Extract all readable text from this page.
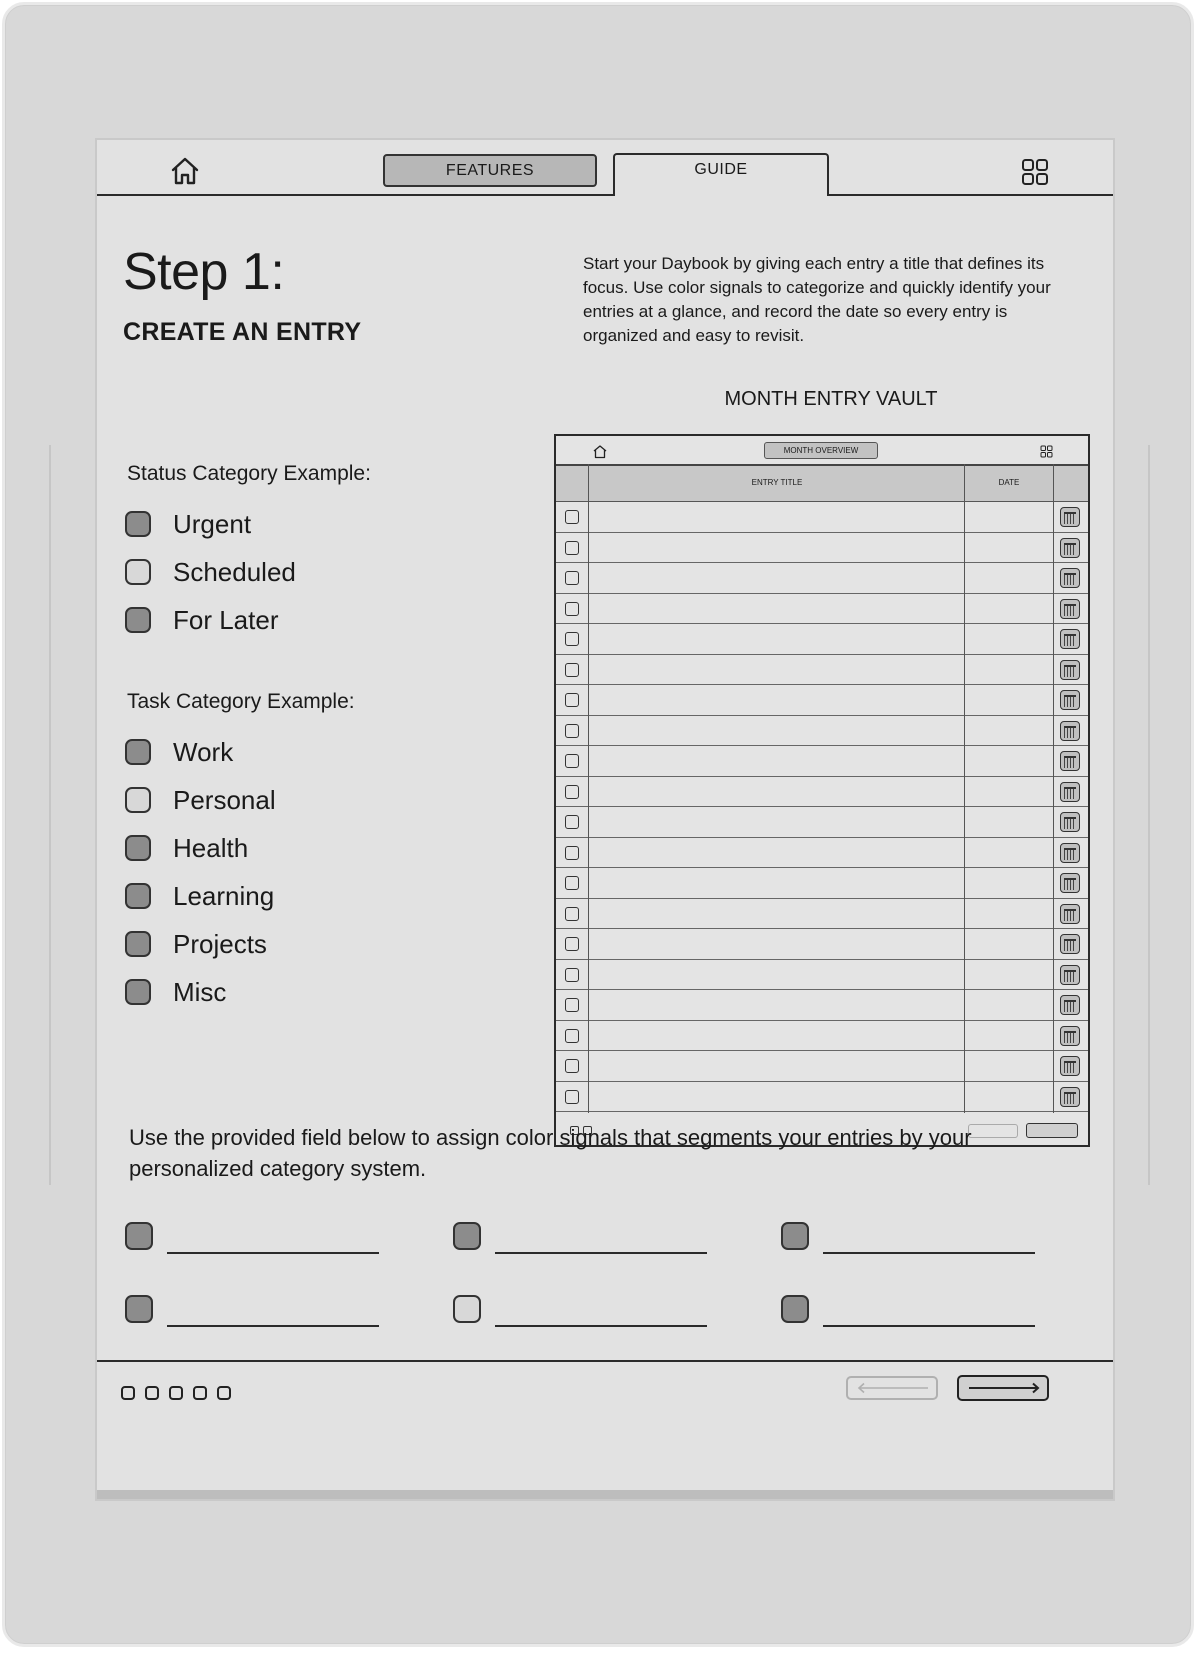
FEATURES	GUIDE
Step 1:
CREATE AN ENTRY

Start your Daybook by giving each entry a title that defines its focus. Use color signals to categorize and quickly identify your entries at a glance, and record the date so every entry is organized and easy to revisit.

MONTH ENTRY VAULT

Status Category Example:

Urgent
Scheduled
For Later

Task Category Example:

Work
Personal
Health
Learning
Projects
Misc
MONTH OVERVIEW
ENTRY TITLE	DATE

Use the provided field below to assign color signals that segments your entries by your personalized category system.
